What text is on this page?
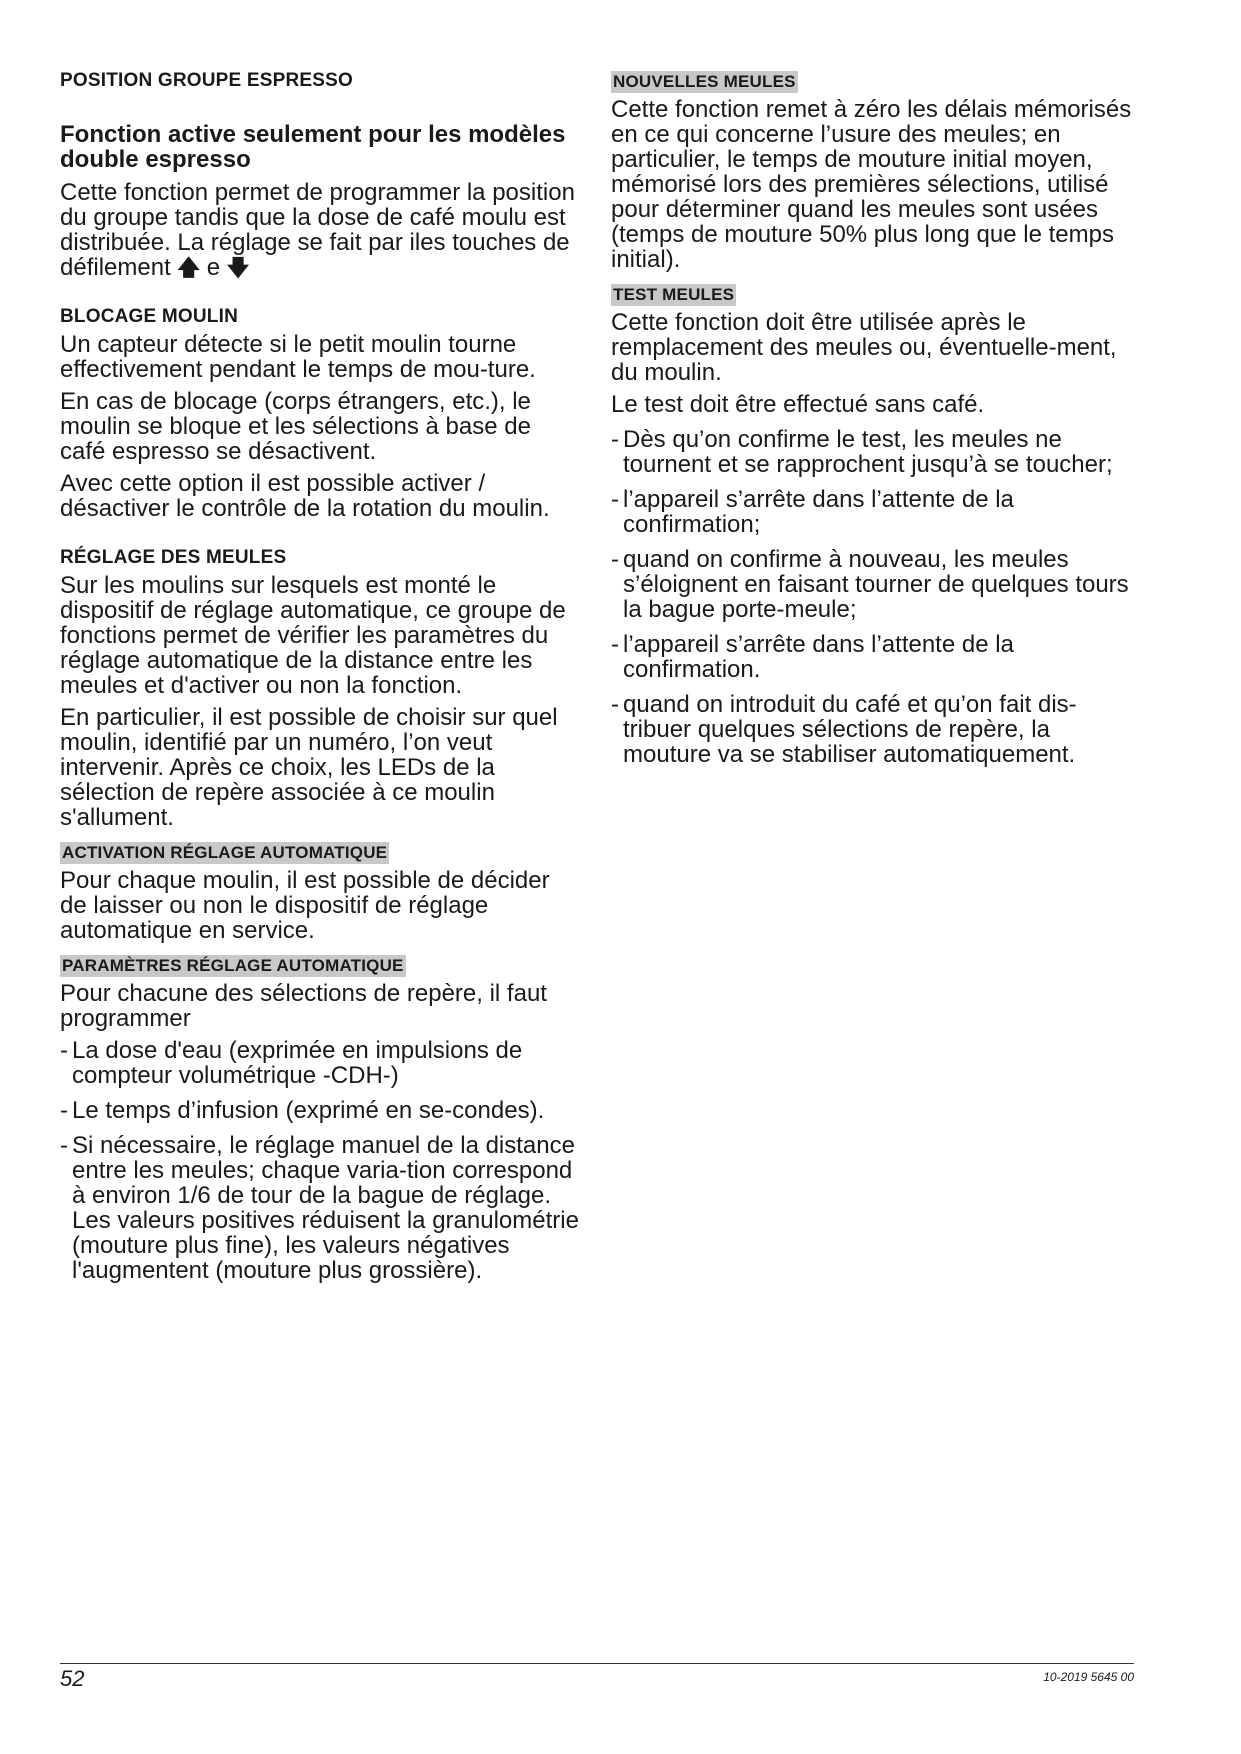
POSITION GROUPE ESPRESSO
Fonction active seulement pour les modèles double espresso

Cette fonction permet de programmer la position du groupe tandis que la dose de café moulu est distribuée. La réglage se fait par iles touches de défilement 🡅 e 🡇

BLOCAGE MOULIN

Un capteur détecte si le petit moulin tourne effectivement pendant le temps de mou-ture.

En cas de blocage (corps étrangers, etc.), le moulin se bloque et les sélections à base de café espresso se désactivent.

Avec cette option il est possible activer / désactiver le contrôle de la rotation du moulin.

RÉGLAGE DES MEULES

Sur les moulins sur lesquels est monté le dispositif de réglage automatique, ce groupe de fonctions permet de vérifier les paramètres du réglage automatique de la distance entre les meules et d'activer ou non la fonction.

En particulier, il est possible de choisir sur quel moulin, identifié par un numéro, l’on veut intervenir. Après ce choix, les LEDs de la sélection de repère associée à ce moulin s'allument.

ACTIVATION RÉGLAGE AUTOMATIQUE

Pour chaque moulin, il est possible de décider de laisser ou non le dispositif de réglage automatique en service.

PARAMÈTRES RÉGLAGE AUTOMATIQUE

Pour chacune des sélections de repère, il faut programmer

- La dose d'eau (exprimée en impulsions de compteur volumétrique -CDH-)
- Le temps d’infusion (exprimé en se-condes).
- Si nécessaire, le réglage manuel de la distance entre les meules; chaque varia-tion correspond à environ 1/6 de tour de la bague de réglage. Les valeurs positives réduisent la granulométrie (mouture plus fine), les valeurs négatives l'augmentent (mouture plus grossière).
NOUVELLES MEULES

Cette fonction remet à zéro les délais mémorisés en ce qui concerne l’usure des meules; en particulier, le temps de mouture initial moyen, mémorisé lors des premières sélections, utilisé pour déterminer quand les meules sont usées (temps de mouture 50% plus long que le temps initial).

TEST MEULES

Cette fonction doit être utilisée après le remplacement des meules ou, éventuelle-ment, du moulin.

Le test doit être effectué sans café.

- Dès qu’on confirme le test, les meules ne tournent et se rapprochent jusqu’à se toucher;
- l’appareil s’arrête dans l’attente de la confirmation;
- quand on confirme à nouveau, les meules s’éloignent en faisant tourner de quelques tours la bague porte-meule;
- l’appareil s’arrête dans l’attente de la confirmation.
- quand on introduit du café et qu’on fait dis-tribuer quelques sélections de repère, la mouture va se stabiliser automatiquement.
52	10-2019 5645 00
